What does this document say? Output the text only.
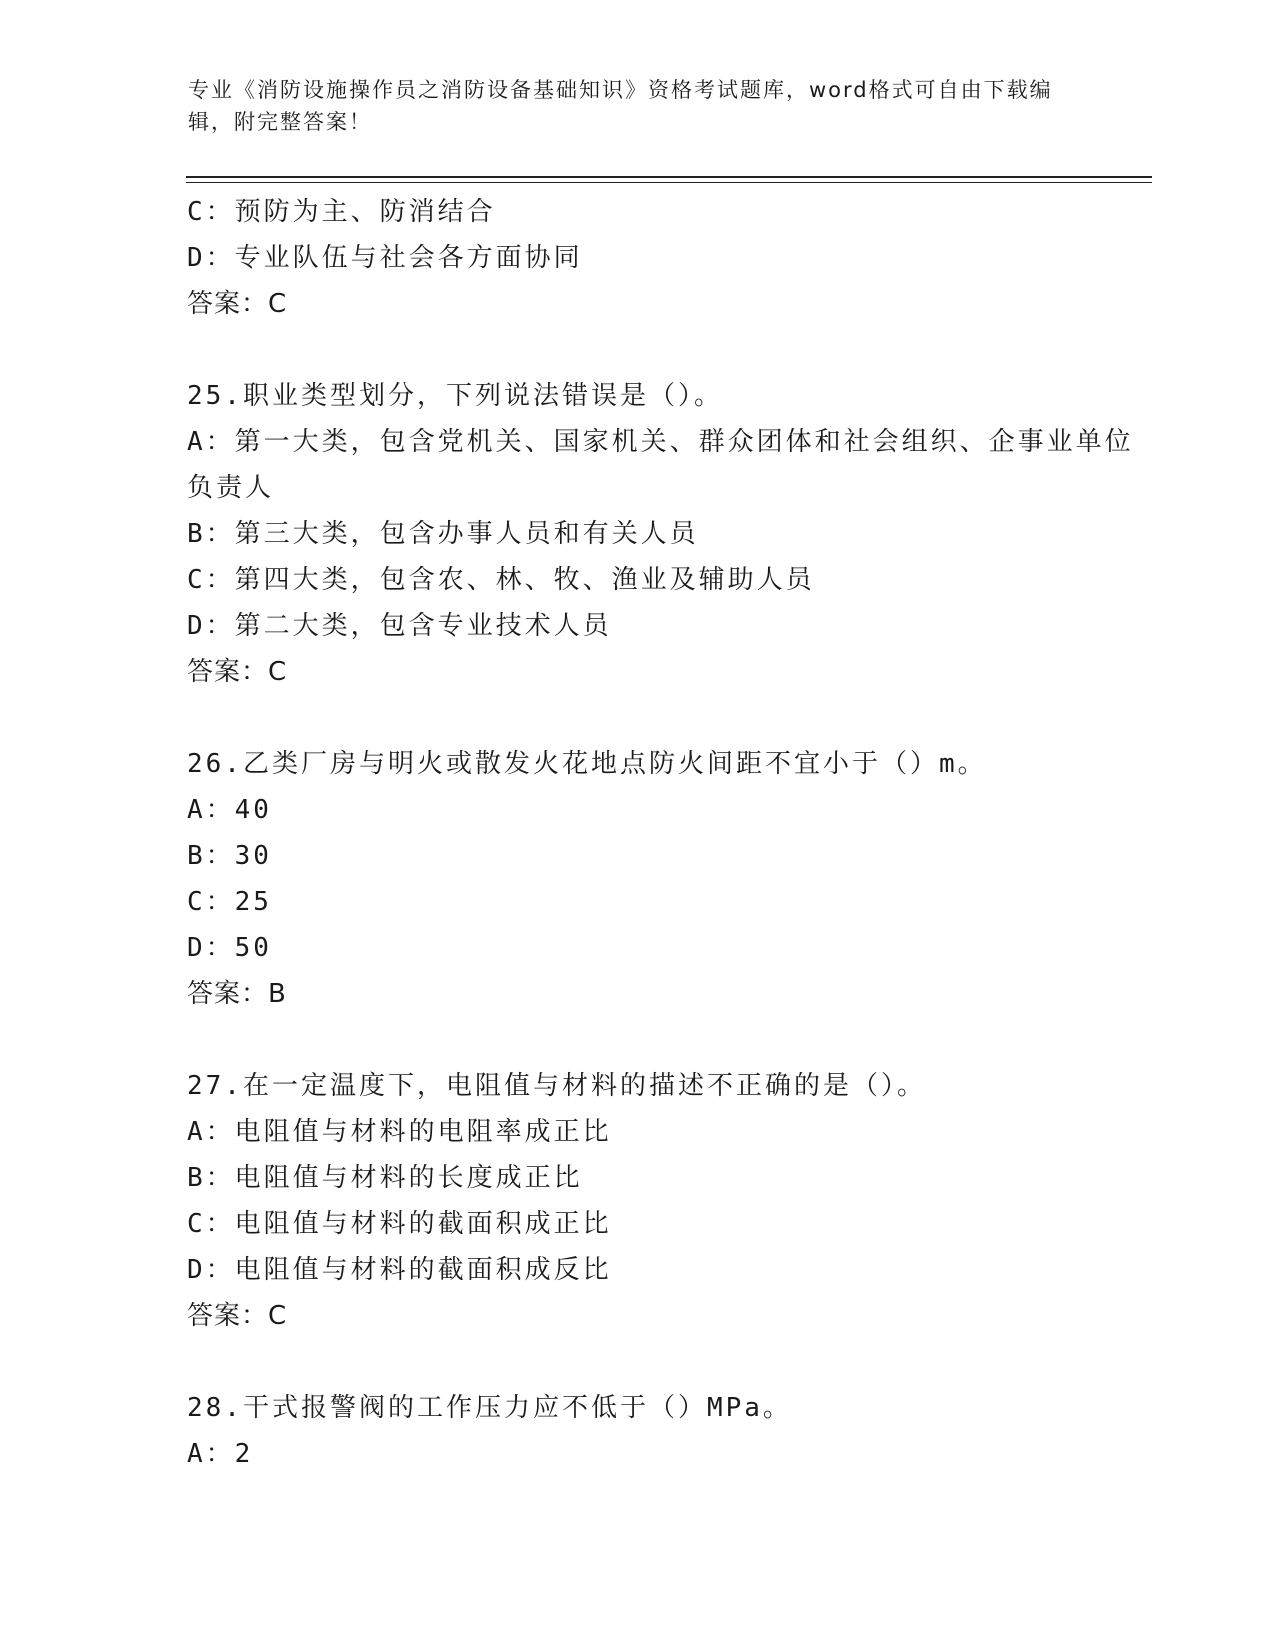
专业《消防设施操作员之消防设备基础知识》资格考试题库，word格式可自由下载编辑，附完整答案！
C：预防为主、防消结合
D：专业队伍与社会各方面协同
答案：C
25.职业类型划分，下列说法错误是（）。
A：第一大类，包含党机关、国家机关、群众团体和社会组织、企事业单位负责人
B：第三大类，包含办事人员和有关人员
C：第四大类，包含农、林、牧、渔业及辅助人员
D：第二大类，包含专业技术人员
答案：C
26.乙类厂房与明火或散发火花地点防火间距不宜小于（）m。
A：40
B：30
C：25
D：50
答案：B
27.在一定温度下，电阻值与材料的描述不正确的是（）。
A：电阻值与材料的电阻率成正比
B：电阻值与材料的长度成正比
C：电阻值与材料的截面积成正比
D：电阻值与材料的截面积成反比
答案：C
28.干式报警阀的工作压力应不低于（）MPa。
A：2
